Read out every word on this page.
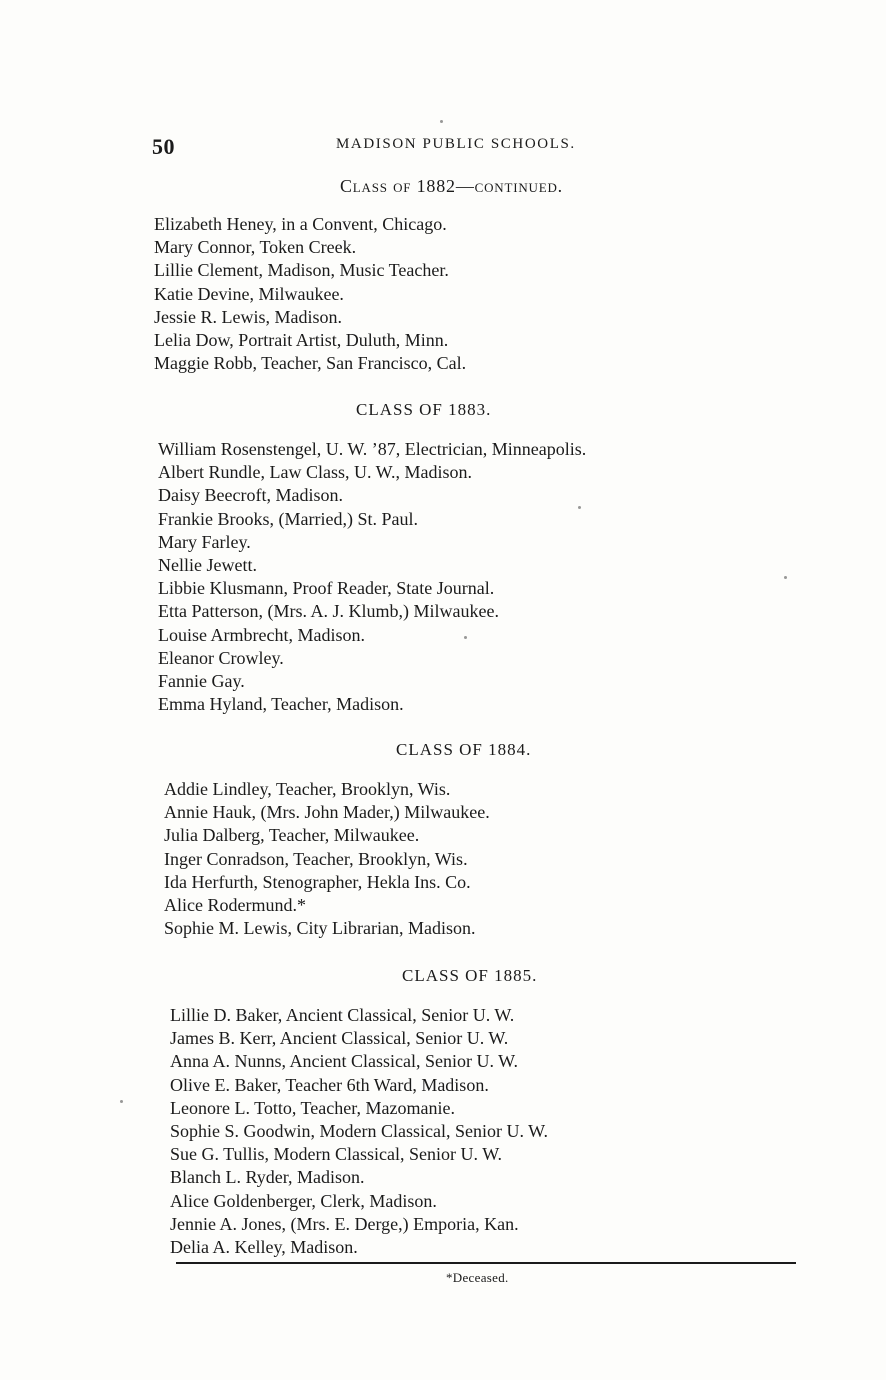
50	MADISON PUBLIC SCHOOLS.
Class of 1882—continued.
Elizabeth Heney, in a Convent, Chicago.
Mary Connor, Token Creek.
Lillie Clement, Madison, Music Teacher.
Katie Devine, Milwaukee.
Jessie R. Lewis, Madison.
Lelia Dow, Portrait Artist, Duluth, Minn.
Maggie Robb, Teacher, San Francisco, Cal.
CLASS OF 1883.
William Rosenstengel, U. W. ’87, Electrician, Minneapolis.
Albert Rundle, Law Class, U. W., Madison.
Daisy Beecroft, Madison.
Frankie Brooks, (Married,) St. Paul.
Mary Farley.
Nellie Jewett.
Libbie Klusmann, Proof Reader, State Journal.
Etta Patterson, (Mrs. A. J. Klumb,) Milwaukee.
Louise Armbrecht, Madison.
Eleanor Crowley.
Fannie Gay.
Emma Hyland, Teacher, Madison.
CLASS OF 1884.
Addie Lindley, Teacher, Brooklyn, Wis.
Annie Hauk, (Mrs. John Mader,) Milwaukee.
Julia Dalberg, Teacher, Milwaukee.
Inger Conradson, Teacher, Brooklyn, Wis.
Ida Herfurth, Stenographer, Hekla Ins. Co.
Alice Rodermund.*
Sophie M. Lewis, City Librarian, Madison.
CLASS OF 1885.
Lillie D. Baker, Ancient Classical, Senior U. W.
James B. Kerr, Ancient Classical, Senior U. W.
Anna A. Nunns, Ancient Classical, Senior U. W.
Olive E. Baker, Teacher 6th Ward, Madison.
Leonore L. Totto, Teacher, Mazomanie.
Sophie S. Goodwin, Modern Classical, Senior U. W.
Sue G. Tullis, Modern Classical, Senior U. W.
Blanch L. Ryder, Madison.
Alice Goldenberger, Clerk, Madison.
Jennie A. Jones, (Mrs. E. Derge,) Emporia, Kan.
Delia A. Kelley, Madison.
*Deceased.
